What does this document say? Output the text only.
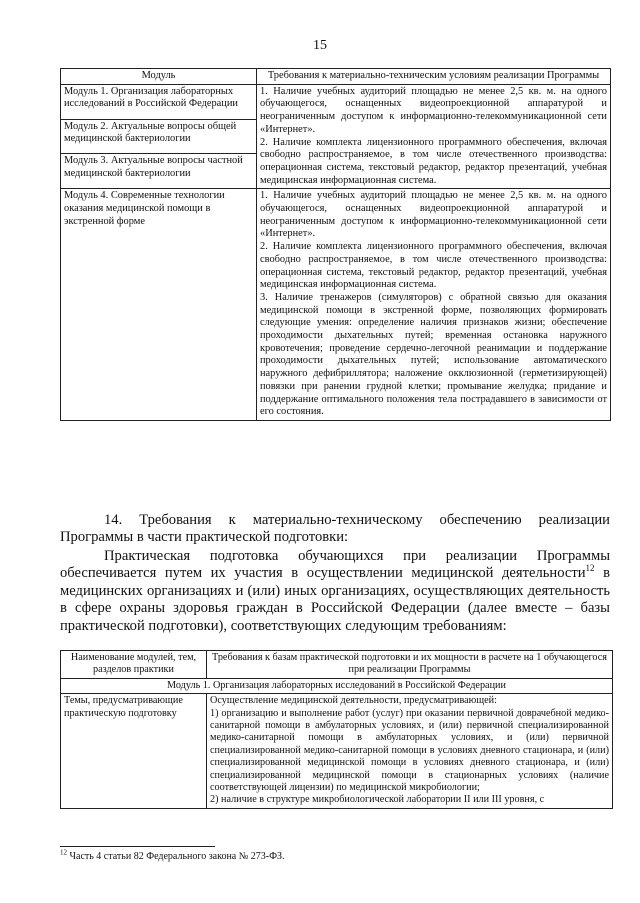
15
Модуль	Требования к материально-техническим условиям реализации Программы
Модуль 1. Организация лабораторных исследований в Российской Федерации	1. Наличие учебных аудиторий площадью не менее 2,5 кв. м. на одного обучающегося, оснащенных видеопроекционной аппаратурой и неограниченным доступом к информационно-телекоммуникационной сети «Интернет».

2. Наличие комплекта лицензионного программного обеспечения, включая свободно распространяемое, в том числе отечественного производства: операционная система, текстовый редактор, редактор презентаций, учебная медицинская информационная система.

Модуль 2. Актуальные вопросы общей медицинской бактериологии	
Модуль 3. Актуальные вопросы частной медицинской бактериологии	
Модуль 4. Современные технологии оказания медицинской помощи в экстренной форме	1. Наличие учебных аудиторий площадью не менее 2,5 кв. м. на одного обучающегося, оснащенных видеопроекционной аппаратурой и неограниченным доступом к информационно-телекоммуникационной сети «Интернет».

2. Наличие комплекта лицензионного программного обеспечения, включая свободно распространяемое, в том числе отечественного производства: операционная система, текстовый редактор, редактор презентаций, учебная медицинская информационная система.

3. Наличие тренажеров (симуляторов) с обратной связью для оказания медицинской помощи в экстренной форме, позволяющих формировать следующие умения: определение наличия признаков жизни; обеспечение проходимости дыхательных путей; временная остановка наружного кровотечения; проведение сердечно-легочной реанимации и поддержание проходимости дыхательных путей; использование автоматического наружного дефибриллятора; наложение окклюзионной (герметизирующей) повязки при ранении грудной клетки; промывание желудка; придание и поддержание оптимального положения тела пострадавшего в зависимости от его состояния.

14. Требования к материально-техническому обеспечению реализации Программы в части практической подготовки:
Практическая подготовка обучающихся при реализации Программы обеспечивается путем их участия в осуществлении медицинской деятельности$^{12}$ в медицинских организациях и (или) иных организациях, осуществляющих деятельность в сфере охраны здоровья граждан в Российской Федерации (далее вместе – базы практической подготовки), соответствующих следующим требованиям:
Наименование модулей, тем, разделов практики	Требования к базам практической подготовки и их мощности в расчете на 1 обучающегося при реализации Программы
Модуль 1. Организация лабораторных исследований в Российской Федерации	
Темы, предусматривающие практическую подготовку	Осуществление медицинской деятельности, предусматривающей:

1) организацию и выполнение работ (услуг) при оказании первичной доврачебной медико-санитарной помощи в амбулаторных условиях, и (или) первичной специализированной медико-санитарной помощи в амбулаторных условиях, и (или) первичной специализированной медико-санитарной помощи в условиях дневного стационара, и (или) специализированной медицинской помощи в условиях дневного стационара, и (или) специализированной медицинской помощи в стационарных условиях (наличие соответствующей лицензии) по медицинской микробиологии;

2) наличие в структуре микробиологической лаборатории II или III уровня, с

$^{12}$ Часть 4 статьи 82 Федерального закона № 273-ФЗ.
